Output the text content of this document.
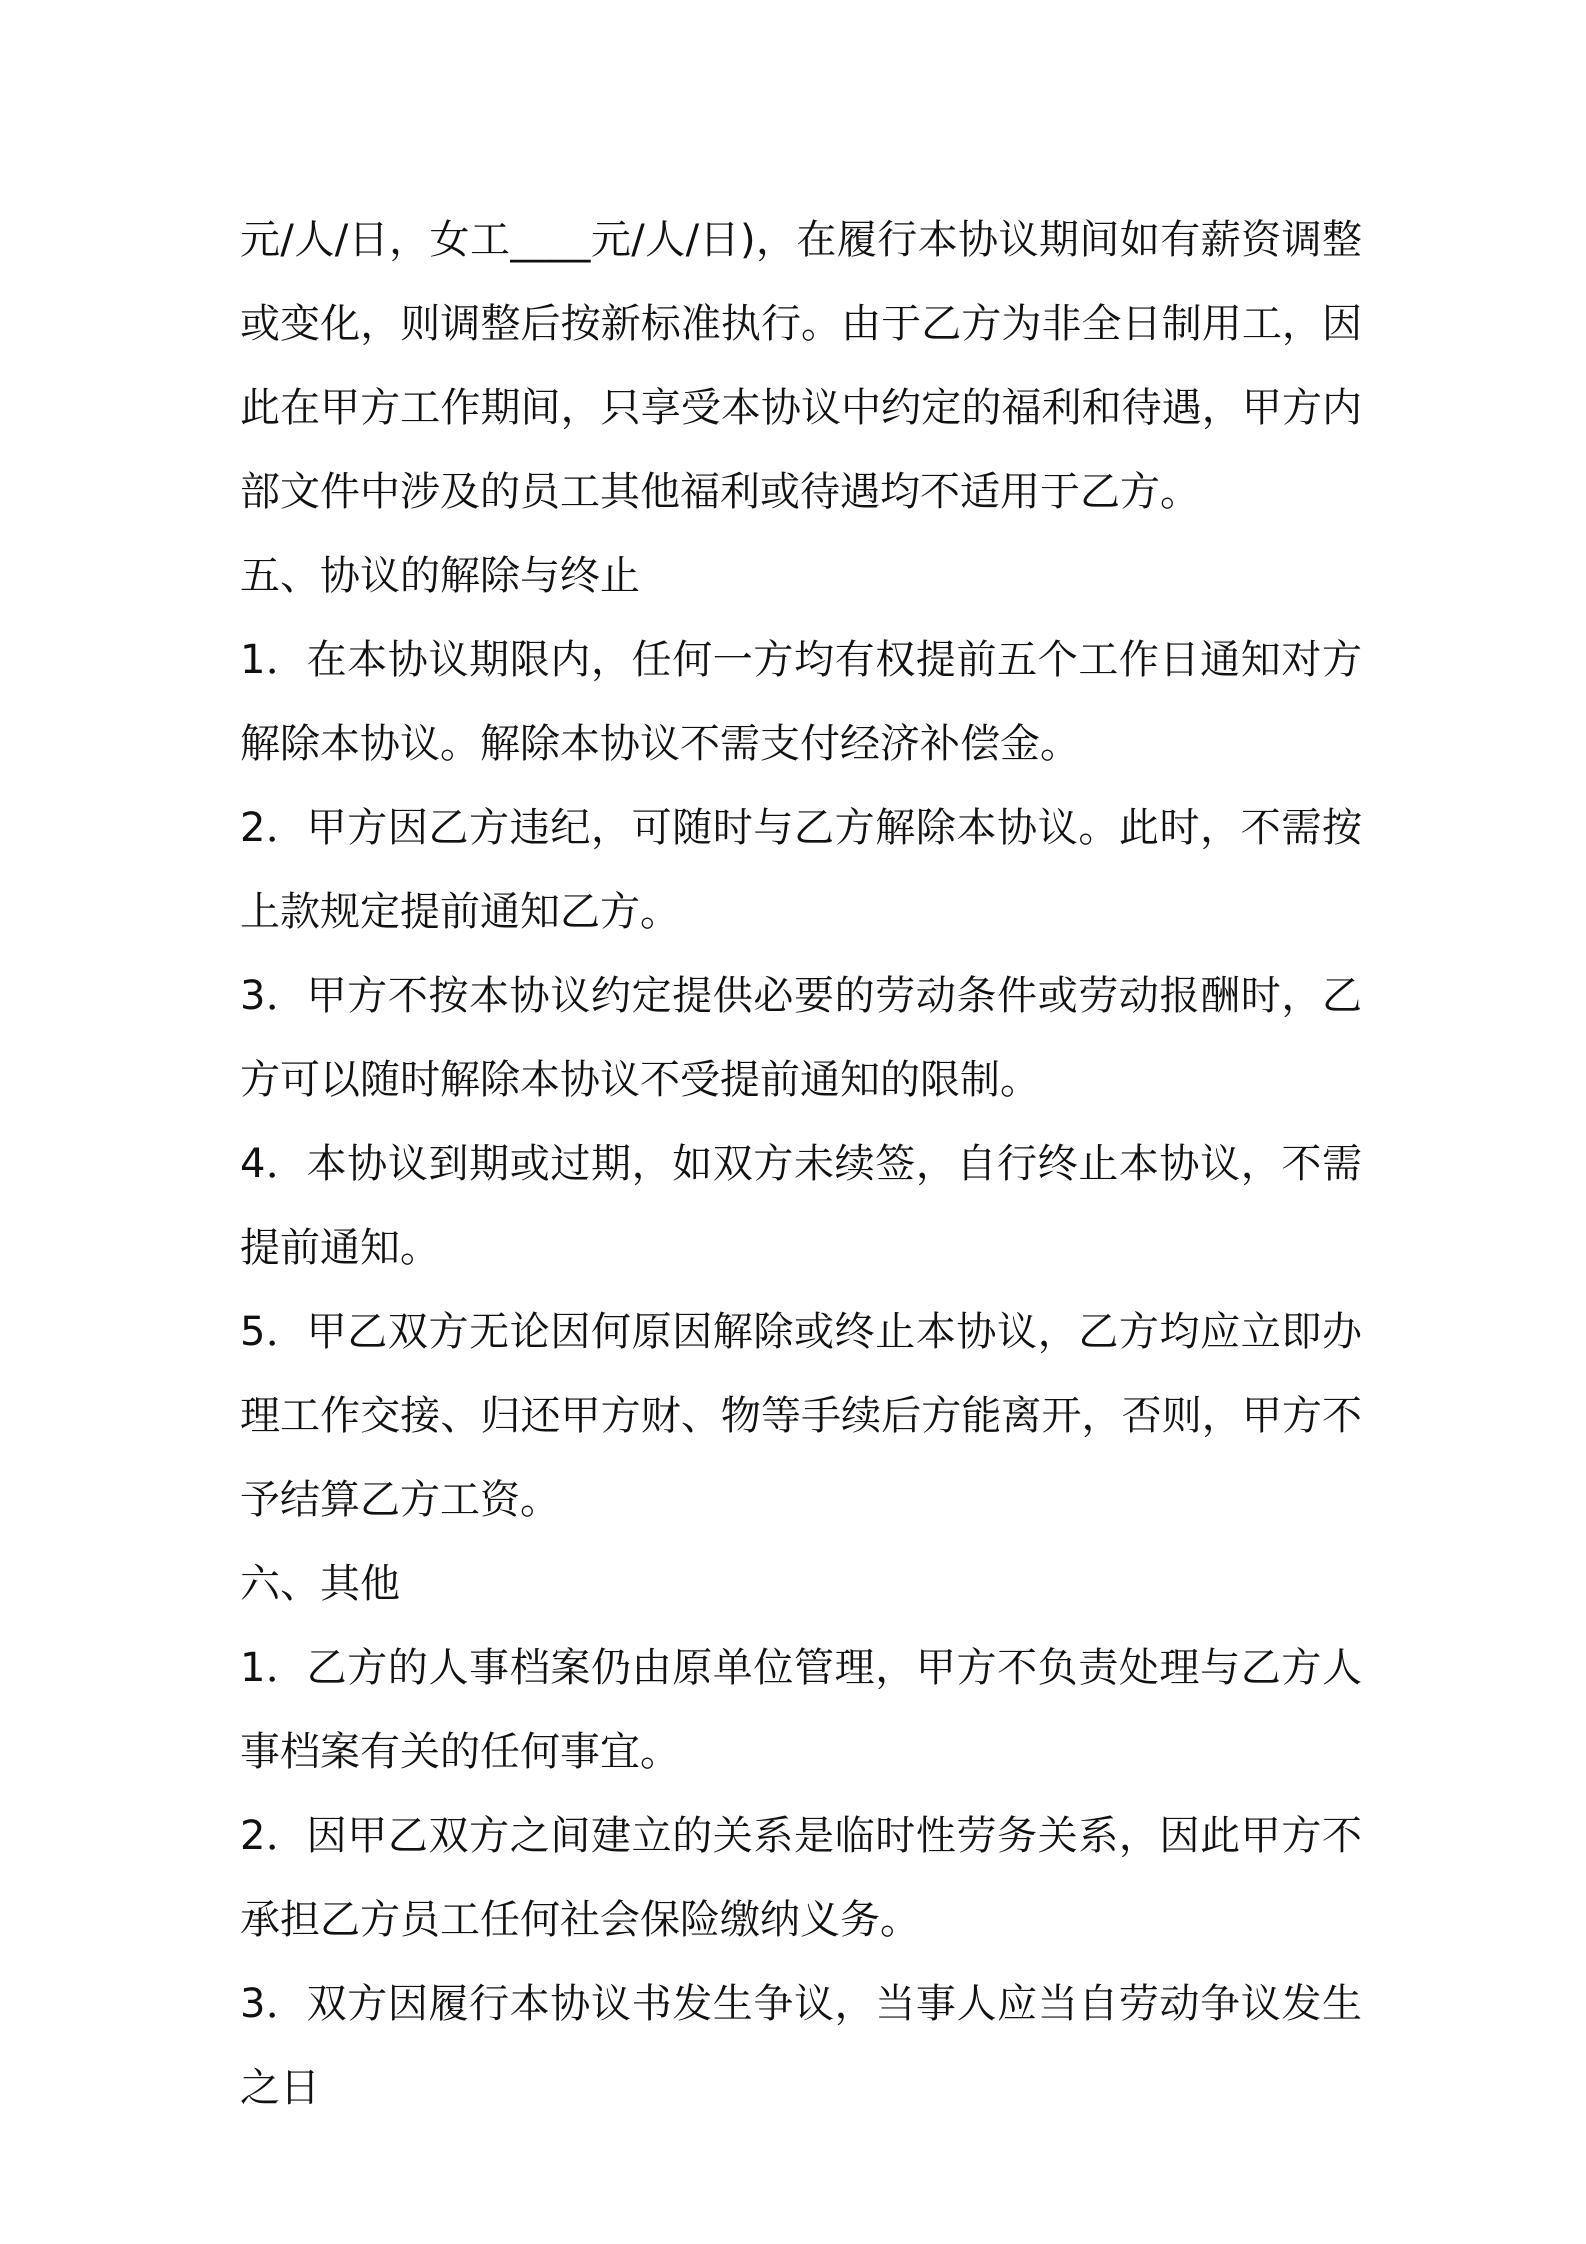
元/人/日，女工____元/人/日)，在履行本协议期间如有薪资调整或变化，则调整后按新标准执行。由于乙方为非全日制用工，因此在甲方工作期间，只享受本协议中约定的福利和待遇，甲方内部文件中涉及的员工其他福利或待遇均不适用于乙方。

五、协议的解除与终止

1．在本协议期限内，任何一方均有权提前五个工作日通知对方解除本协议。解除本协议不需支付经济补偿金。

2．甲方因乙方违纪，可随时与乙方解除本协议。此时，不需按上款规定提前通知乙方。

3．甲方不按本协议约定提供必要的劳动条件或劳动报酬时，乙方可以随时解除本协议不受提前通知的限制。

4．本协议到期或过期，如双方未续签，自行终止本协议，不需提前通知。

5．甲乙双方无论因何原因解除或终止本协议，乙方均应立即办理工作交接、归还甲方财、物等手续后方能离开，否则，甲方不予结算乙方工资。

六、其他

1．乙方的人事档案仍由原单位管理，甲方不负责处理与乙方人事档案有关的任何事宜。

2．因甲乙双方之间建立的关系是临时性劳务关系，因此甲方不承担乙方员工任何社会保险缴纳义务。

3．双方因履行本协议书发生争议，当事人应当自劳动争议发生之日
